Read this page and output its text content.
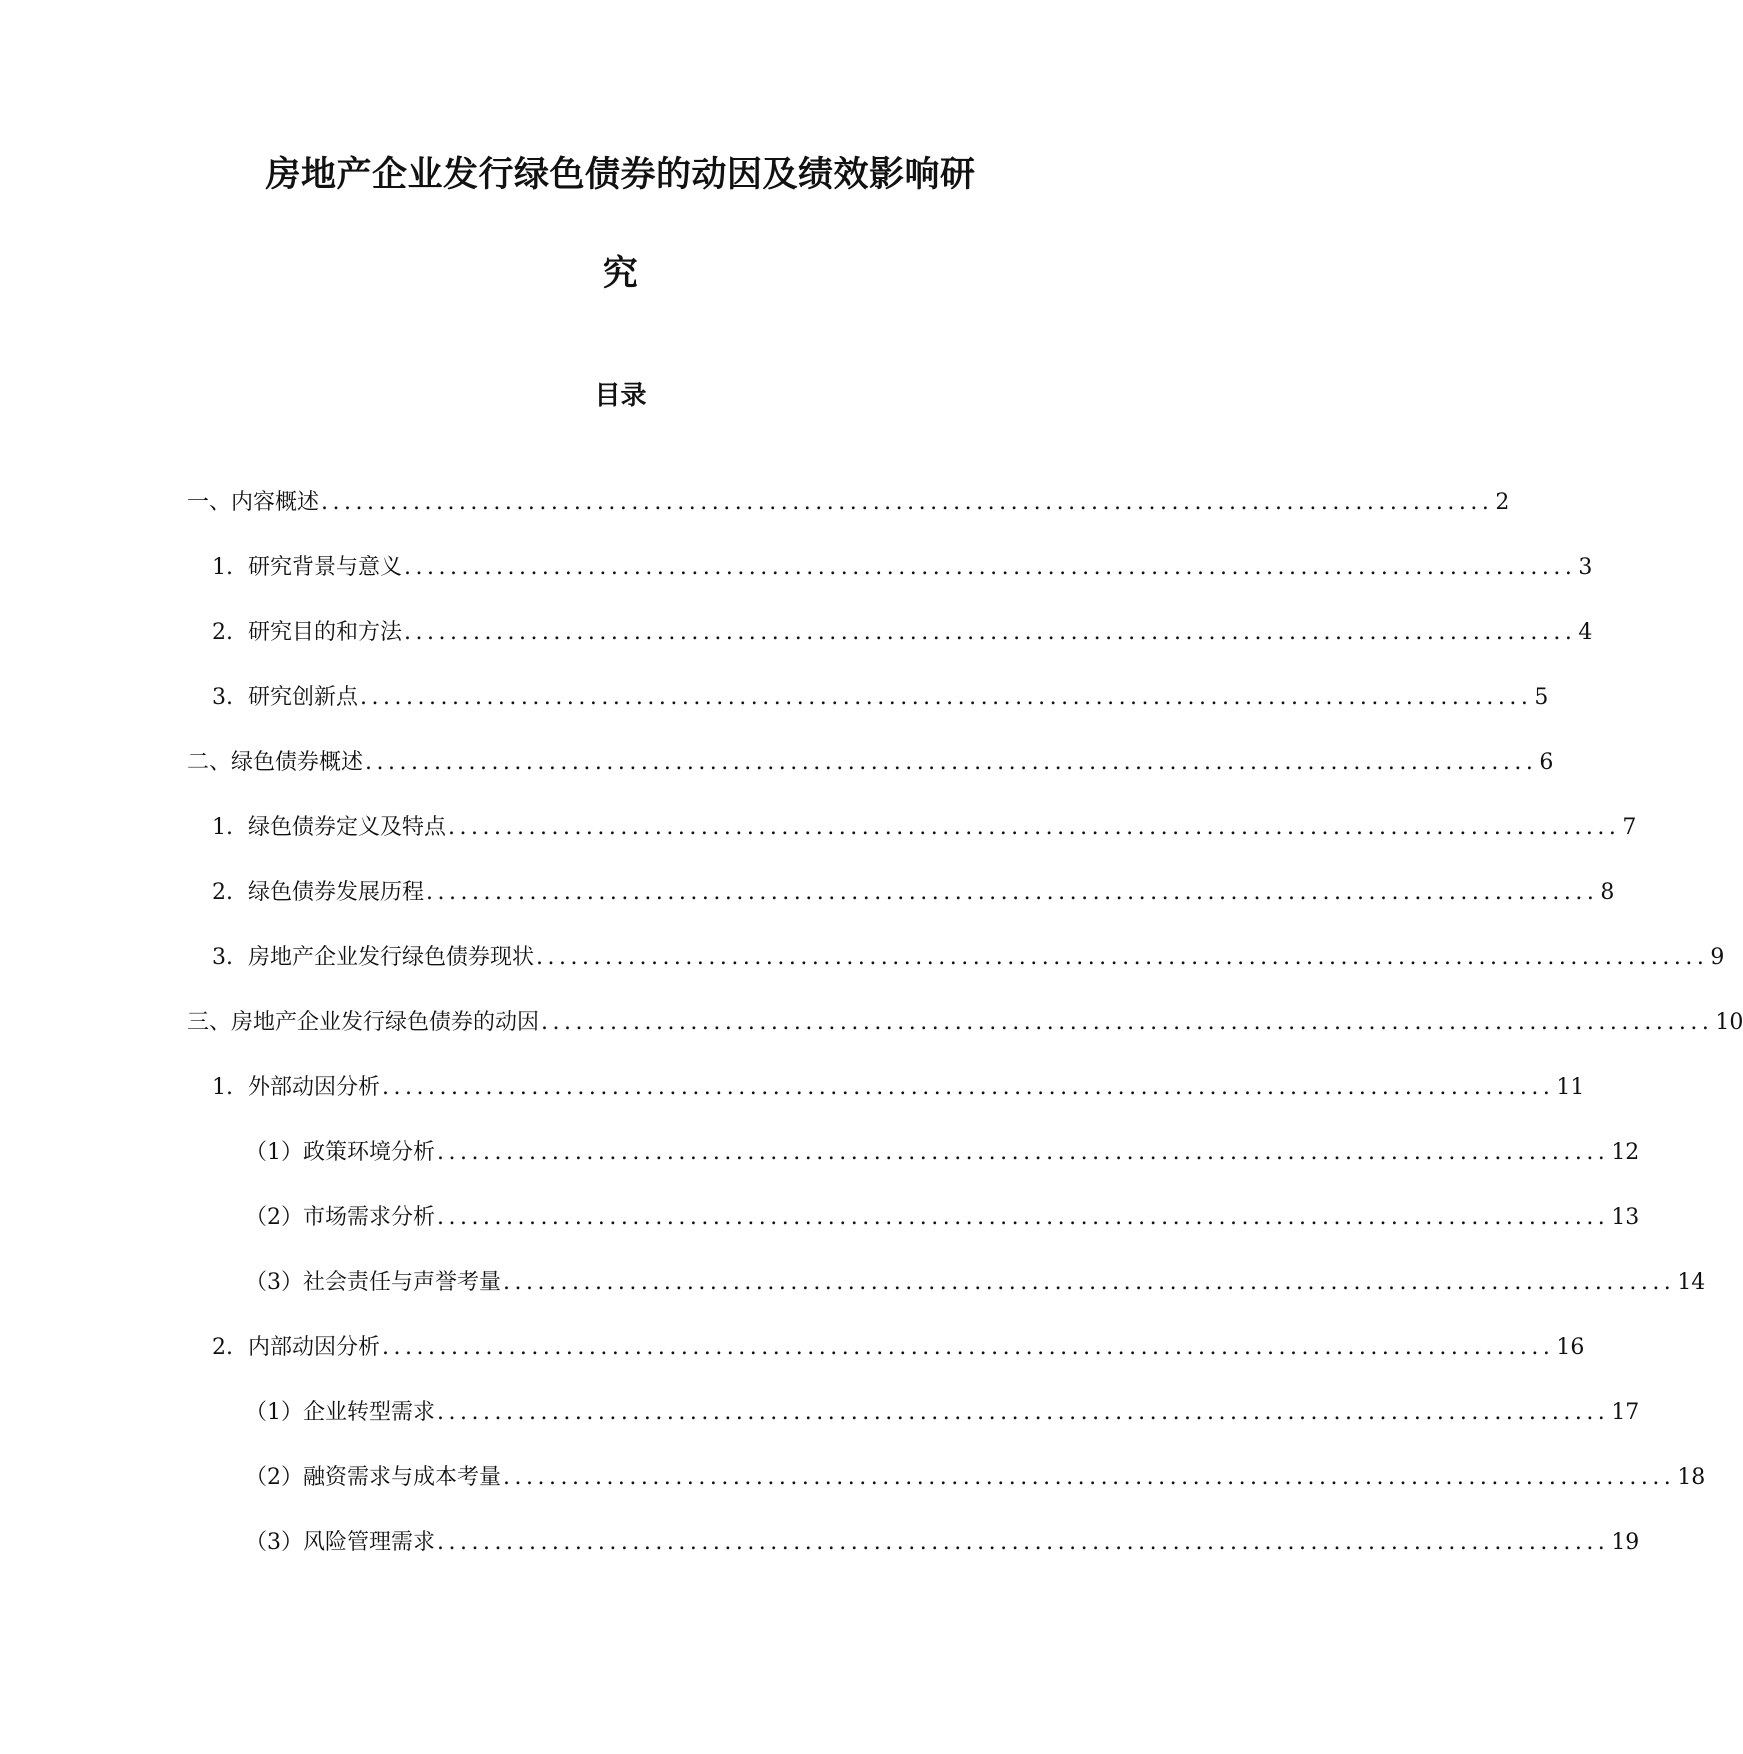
房地产企业发行绿色债券的动因及绩效影响研
究
目录
一、内容概述 ...................................................................................................... 2
1. 研究背景与意义 ...................................................................................................... 3
2. 研究目的和方法 ...................................................................................................... 4
3. 研究创新点 ...................................................................................................... 5
二、绿色债券概述 ...................................................................................................... 6
1. 绿色债券定义及特点 ...................................................................................................... 7
2. 绿色债券发展历程 ...................................................................................................... 8
3. 房地产企业发行绿色债券现状 ...................................................................................................... 9
三、房地产企业发行绿色债券的动因 ...................................................................................................... 10
1. 外部动因分析 ...................................................................................................... 11
（1）政策环境分析 ...................................................................................................... 12
（2）市场需求分析 ...................................................................................................... 13
（3）社会责任与声誉考量 ...................................................................................................... 14
2. 内部动因分析 ...................................................................................................... 16
（1）企业转型需求 ...................................................................................................... 17
（2）融资需求与成本考量 ...................................................................................................... 18
（3）风险管理需求 ...................................................................................................... 19
